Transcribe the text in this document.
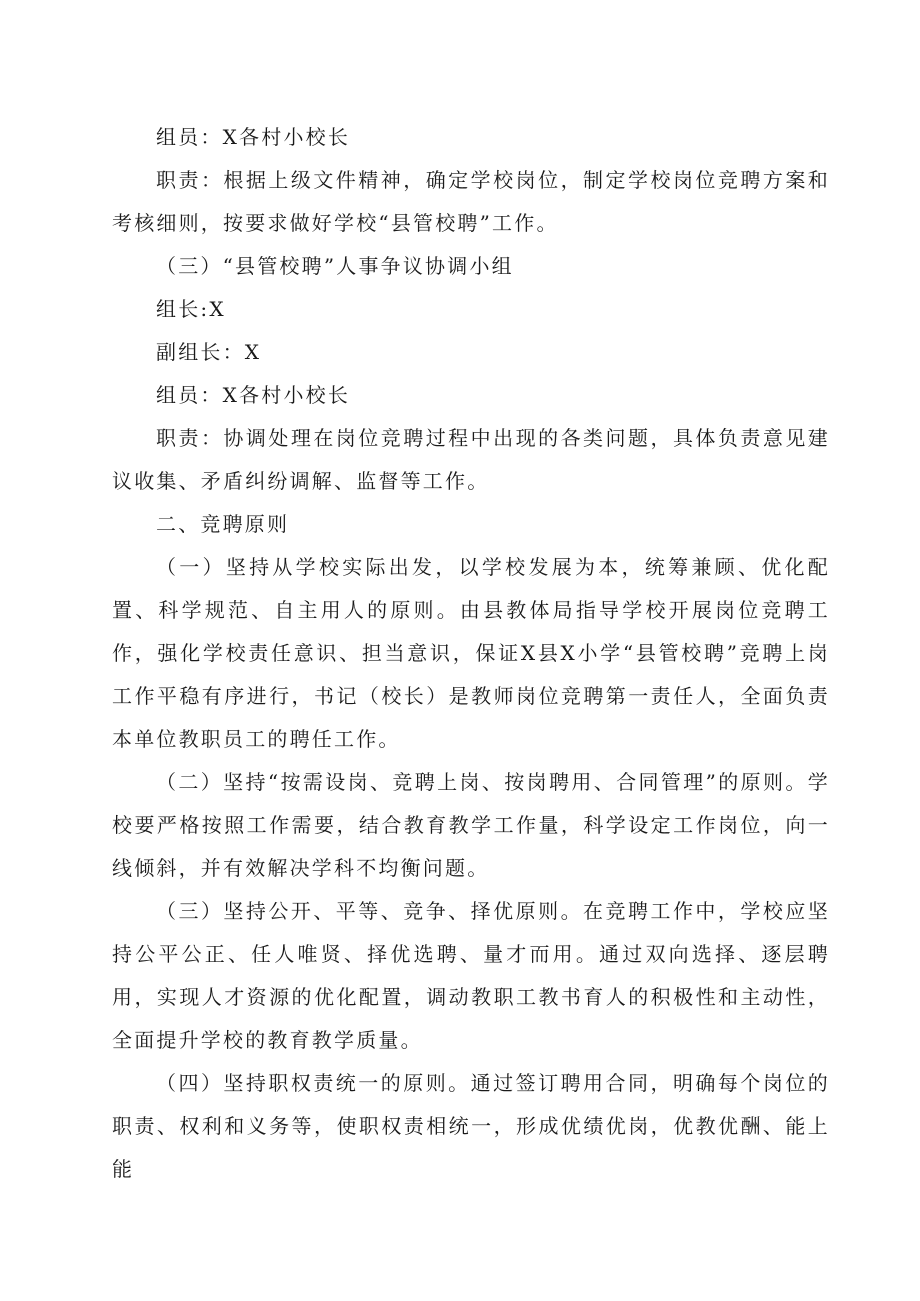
组员：X各村小校长

职责：根据上级文件精神，确定学校岗位，制定学校岗位竞聘方案和考核细则，按要求做好学校“县管校聘”工作。

（三）“县管校聘”人事争议协调小组

组长:X

副组长：X

组员：X各村小校长

职责：协调处理在岗位竞聘过程中出现的各类问题，具体负责意见建议收集、矛盾纠纷调解、监督等工作。

二、竞聘原则

（一）坚持从学校实际出发，以学校发展为本，统筹兼顾、优化配置、科学规范、自主用人的原则。由县教体局指导学校开展岗位竞聘工作，强化学校责任意识、担当意识，保证X县X小学“县管校聘”竞聘上岗工作平稳有序进行，书记（校长）是教师岗位竞聘第一责任人，全面负责本单位教职员工的聘任工作。

（二）坚持“按需设岗、竞聘上岗、按岗聘用、合同管理”的原则。学校要严格按照工作需要，结合教育教学工作量，科学设定工作岗位，向一线倾斜，并有效解决学科不均衡问题。

（三）坚持公开、平等、竞争、择优原则。在竞聘工作中，学校应坚持公平公正、任人唯贤、择优选聘、量才而用。通过双向选择、逐层聘用，实现人才资源的优化配置，调动教职工教书育人的积极性和主动性，全面提升学校的教育教学质量。

（四）坚持职权责统一的原则。通过签订聘用合同，明确每个岗位的职责、权利和义务等，使职权责相统一，形成优绩优岗，优教优酬、能上能
